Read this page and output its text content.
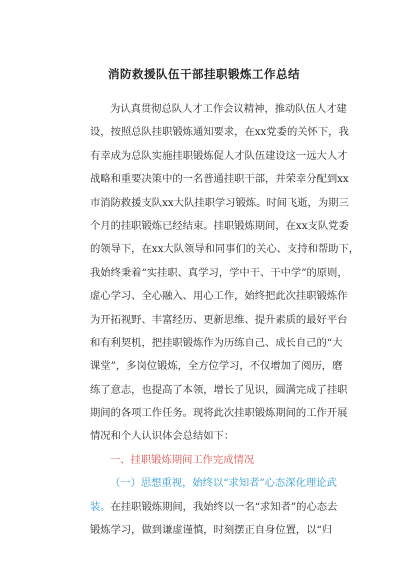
消防救援队伍干部挂职锻炼工作总结
为认真贯彻总队人才工作会议精神，推动队伍人才建
设，按照总队挂职锻炼通知要求，在xx党委的关怀下，我
有幸成为总队实施挂职锻炼促人才队伍建设这一远大人才
战略和重要决策中的一名普通挂职干部，并荣幸分配到xx
市消防救援支队xx大队挂职学习锻炼。时间飞逝，为期三
个月的挂职锻炼已经结束。挂职锻炼期间，在xx支队党委
的领导下，在xx大队领导和同事们的关心、支持和帮助下，
我始终秉着“实挂职、真学习，学中干、干中学”的原则，
虚心学习、全心融入、用心工作，始终把此次挂职锻炼作
为开拓视野、丰富经历、更新思维、提升素质的最好平台
和有利契机，把挂职锻炼作为历练自己、成长自己的“大
课堂”，多岗位锻炼，全方位学习，不仅增加了阅历，磨
练了意志，也提高了本领，增长了见识，圆满完成了挂职
期间的各项工作任务。现将此次挂职锻炼期间的工作开展
情况和个人认识体会总结如下：
一、挂职锻炼期间工作完成情况
（一）思想重视，始终以“求知者”心态深化理论武
装。在挂职锻炼期间，我始终以一名“求知者”的心态去
锻炼学习，做到谦虚谨慎，时刻摆正自身位置，以“归
